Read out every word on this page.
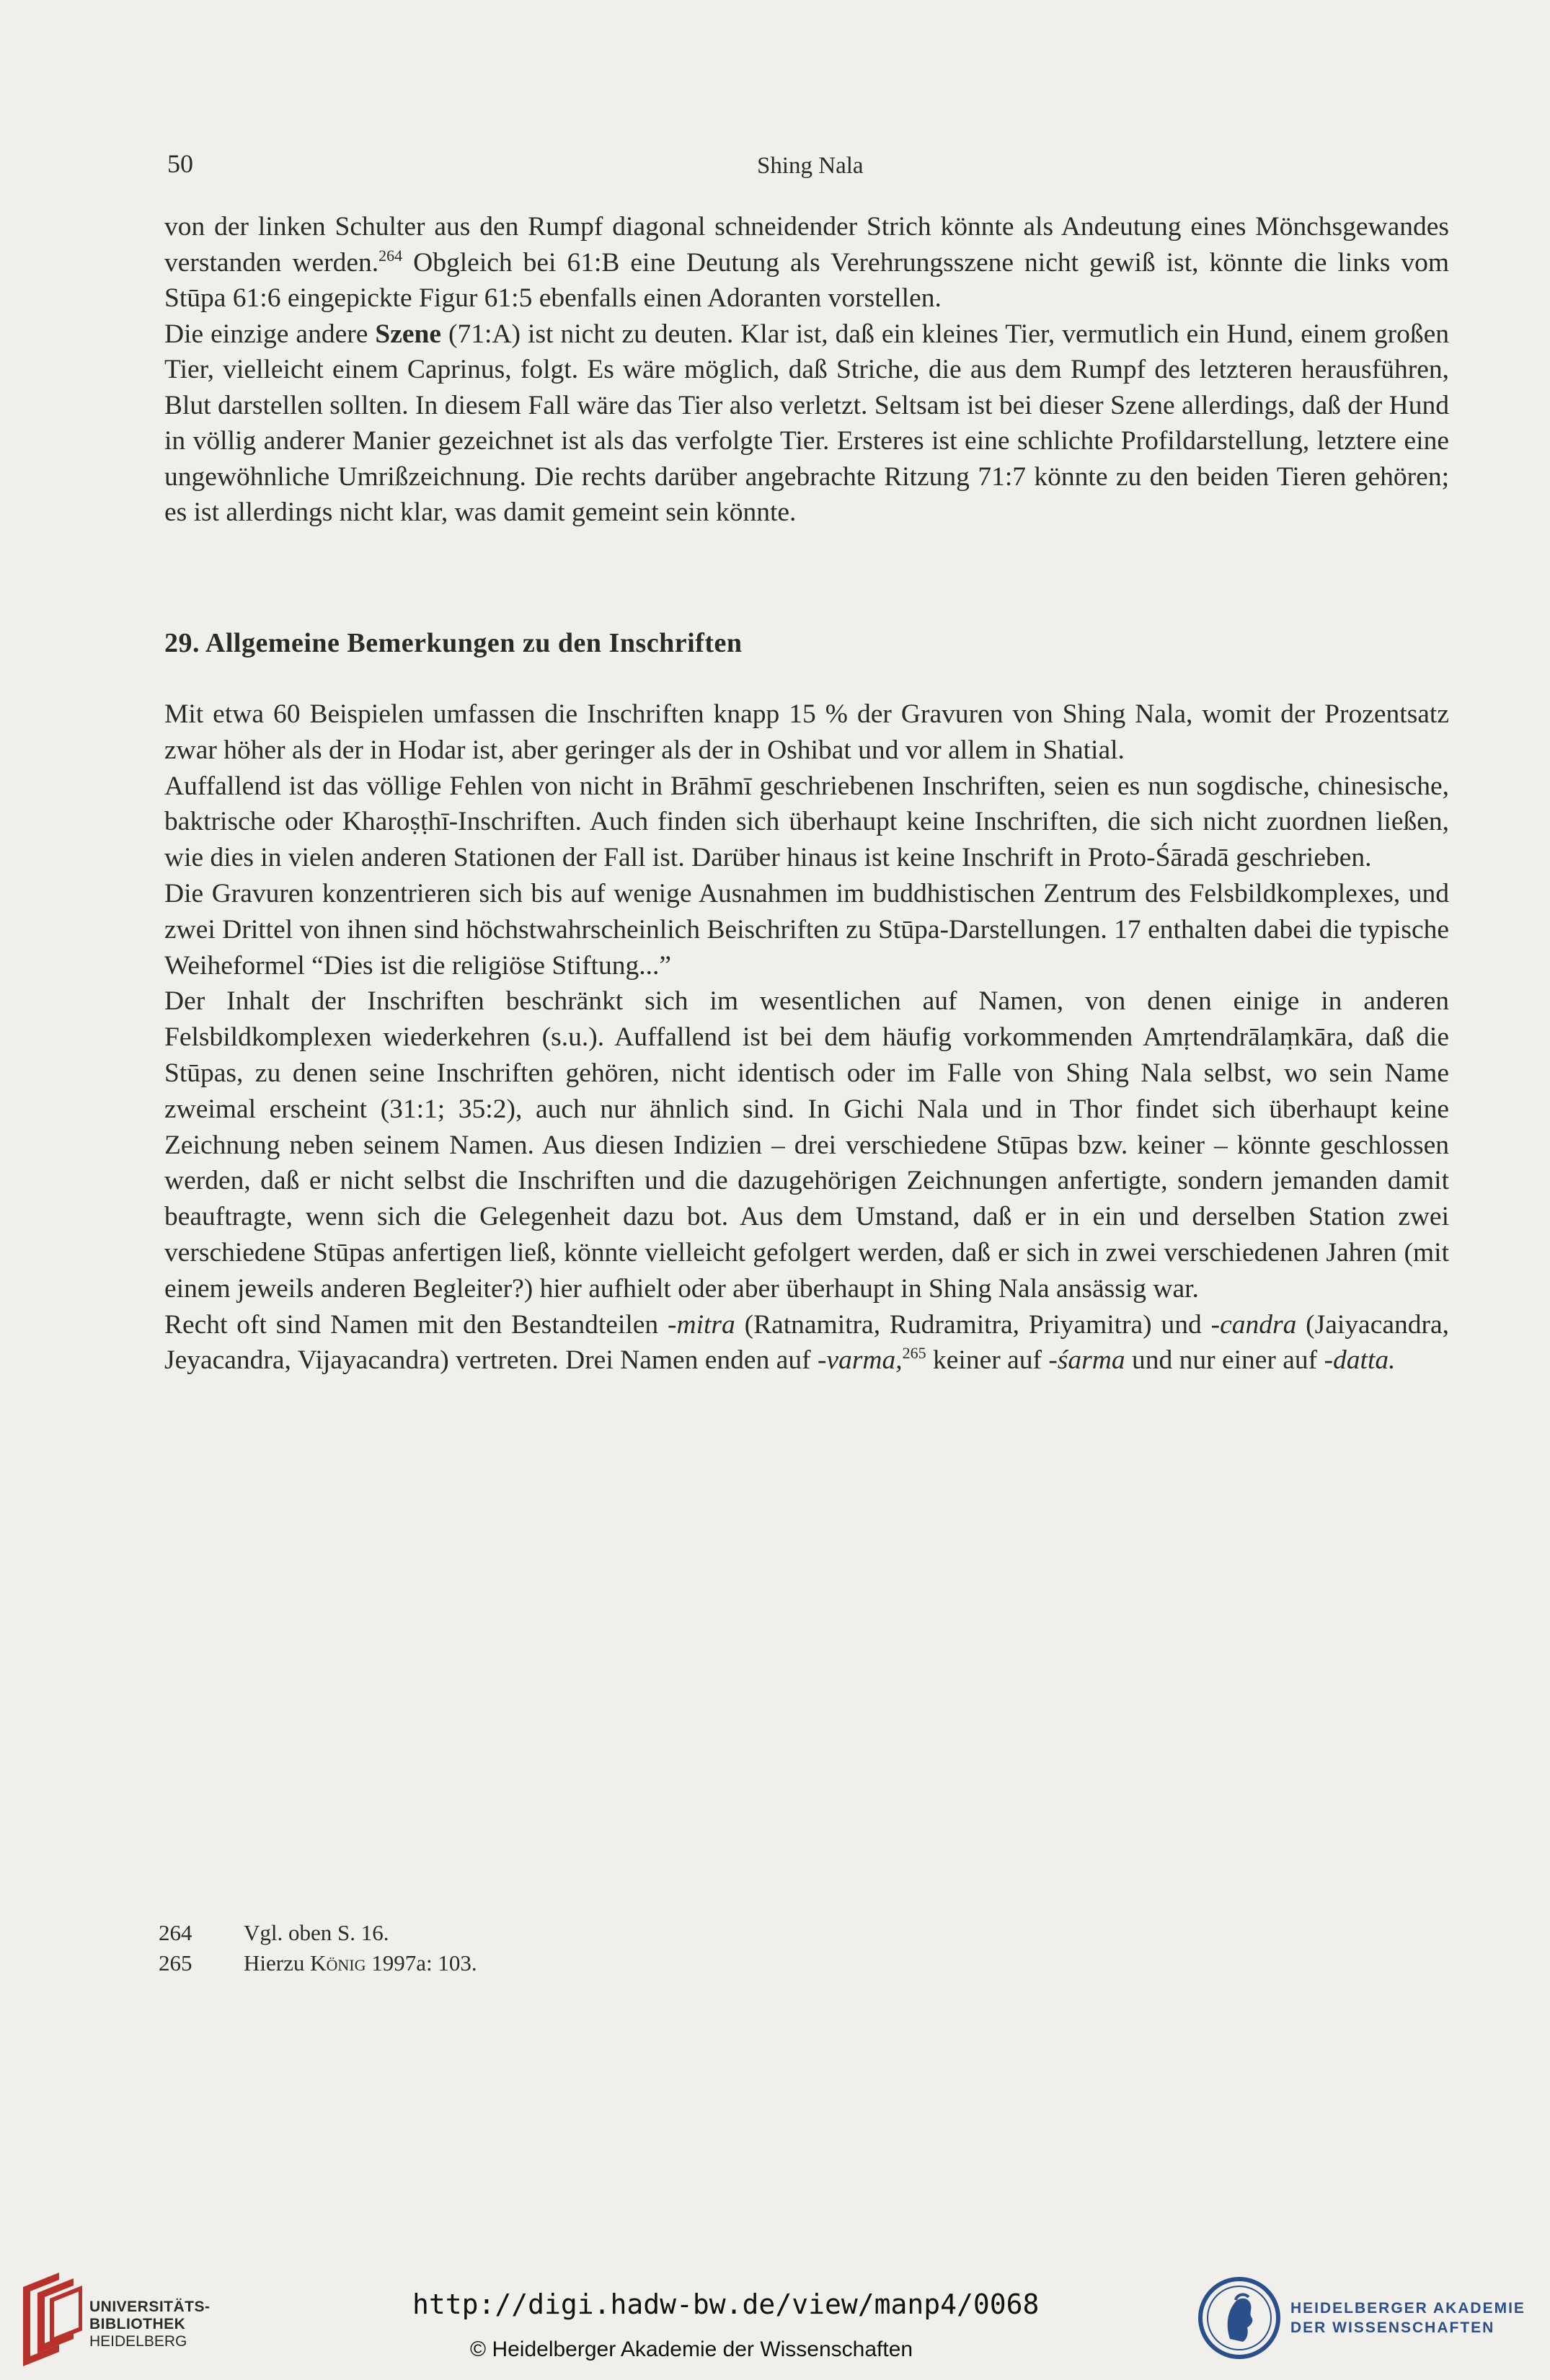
50	Shing Nala

von der linken Schulter aus den Rumpf diagonal schneidender Strich könnte als Andeutung eines Mönchsgewandes verstanden werden.$^{264}$ Obgleich bei 61:B eine Deutung als Verehrungsszene nicht gewiß ist, könnte die links vom Stūpa 61:6 eingepickte Figur 61:5 ebenfalls einen Adoranten vorstellen.

Die einzige andere Szene (71:A) ist nicht zu deuten. Klar ist, daß ein kleines Tier, vermutlich ein Hund, einem großen Tier, vielleicht einem Caprinus, folgt. Es wäre möglich, daß Striche, die aus dem Rumpf des letzteren herausführen, Blut darstellen sollten. In diesem Fall wäre das Tier also verletzt. Seltsam ist bei dieser Szene allerdings, daß der Hund in völlig anderer Manier gezeichnet ist als das verfolgte Tier. Ersteres ist eine schlichte Profildarstellung, letztere eine ungewöhnliche Umrißzeichnung. Die rechts darüber angebrachte Ritzung 71:7 könnte zu den beiden Tieren gehören; es ist allerdings nicht klar, was damit gemeint sein könnte.

29. Allgemeine Bemerkungen zu den Inschriften

Mit etwa 60 Beispielen umfassen die Inschriften knapp 15 % der Gravuren von Shing Nala, womit der Prozentsatz zwar höher als der in Hodar ist, aber geringer als der in Oshibat und vor allem in Shatial.

Auffallend ist das völlige Fehlen von nicht in Brāhmī geschriebenen Inschriften, seien es nun sogdische, chinesische, baktrische oder Kharoṣṭhī-Inschriften. Auch finden sich überhaupt keine Inschriften, die sich nicht zuordnen ließen, wie dies in vielen anderen Stationen der Fall ist. Darüber hinaus ist keine Inschrift in Proto-Śāradā geschrieben.

Die Gravuren konzentrieren sich bis auf wenige Ausnahmen im buddhistischen Zentrum des Felsbildkomplexes, und zwei Drittel von ihnen sind höchstwahrscheinlich Beischriften zu Stūpa-Darstellungen. 17 enthalten dabei die typische Weiheformel “Dies ist die religiöse Stiftung...”

Der Inhalt der Inschriften beschränkt sich im wesentlichen auf Namen, von denen einige in anderen Felsbildkomplexen wiederkehren (s.u.). Auffallend ist bei dem häufig vorkommenden Amṛtendrālaṃkāra, daß die Stūpas, zu denen seine Inschriften gehören, nicht identisch oder im Falle von Shing Nala selbst, wo sein Name zweimal erscheint (31:1; 35:2), auch nur ähnlich sind. In Gichi Nala und in Thor findet sich überhaupt keine Zeichnung neben seinem Namen. Aus diesen Indizien – drei verschiedene Stūpas bzw. keiner – könnte geschlossen werden, daß er nicht selbst die Inschriften und die dazugehörigen Zeichnungen anfertigte, sondern jemanden damit beauftragte, wenn sich die Gelegenheit dazu bot. Aus dem Umstand, daß er in ein und derselben Station zwei verschiedene Stūpas anfertigen ließ, könnte vielleicht gefolgert werden, daß er sich in zwei verschiedenen Jahren (mit einem jeweils anderen Begleiter?) hier aufhielt oder aber überhaupt in Shing Nala ansässig war.

Recht oft sind Namen mit den Bestandteilen -mitra (Ratnamitra, Rudramitra, Priyamitra) und -candra (Jaiyacandra, Jeyacandra, Vijayacandra) vertreten. Drei Namen enden auf -varma,$^{265}$ keiner auf -śarma und nur einer auf -datta.

264	Vgl. oben S. 16.
265	Hierzu König 1997a: 103.
UNIVERSITÄTS-
BIBLIOTHEK
HEIDELBERG
http://digi.hadw-bw.de/view/manp4/0068
© Heidelberger Akademie der Wissenschaften
HEIDELBERGER AKADEMIE
DER WISSENSCHAFTEN
